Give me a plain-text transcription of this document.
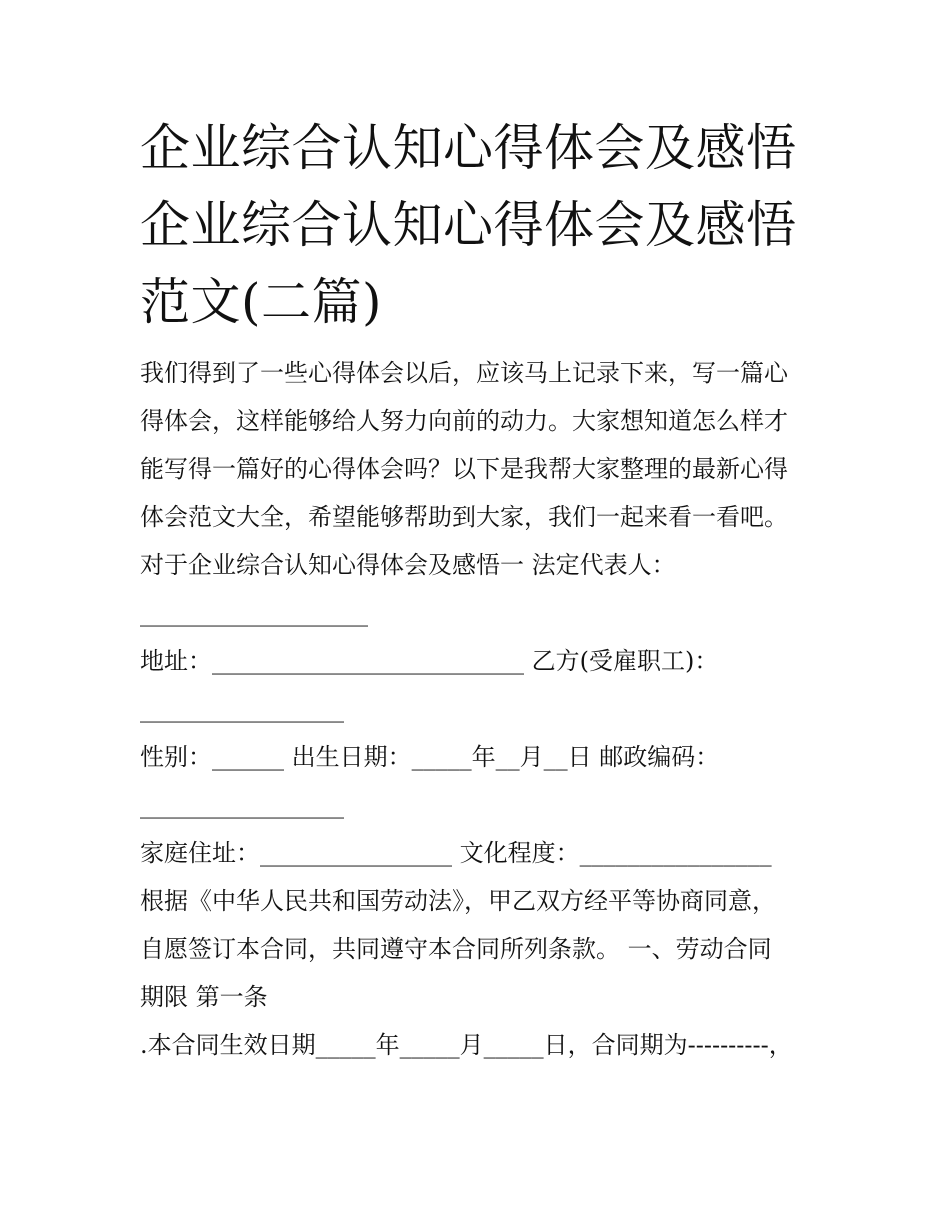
企业综合认知心得体会及感悟
企业综合认知心得体会及感悟
范文(二篇)
我们得到了一些心得体会以后，应该马上记录下来，写一篇心
得体会，这样能够给人努力向前的动力。大家想知道怎么样才
能写得一篇好的心得体会吗？以下是我帮大家整理的最新心得
体会范文大全，希望能够帮助到大家，我们一起来看一看吧。
对于企业综合认知心得体会及感悟一 法定代表人：
___________________
地址：__________________________ 乙方(受雇职工)：
_________________
性别：______ 出生日期：_____年__月__日 邮政编码：
_________________
家庭住址：________________ 文化程度：________________
根据《中华人民共和国劳动法》，甲乙双方经平等协商同意，
自愿签订本合同，共同遵守本合同所列条款。 一、劳动合同
期限 第一条
.本合同生效日期_____年_____月_____日，合同期为----------，
